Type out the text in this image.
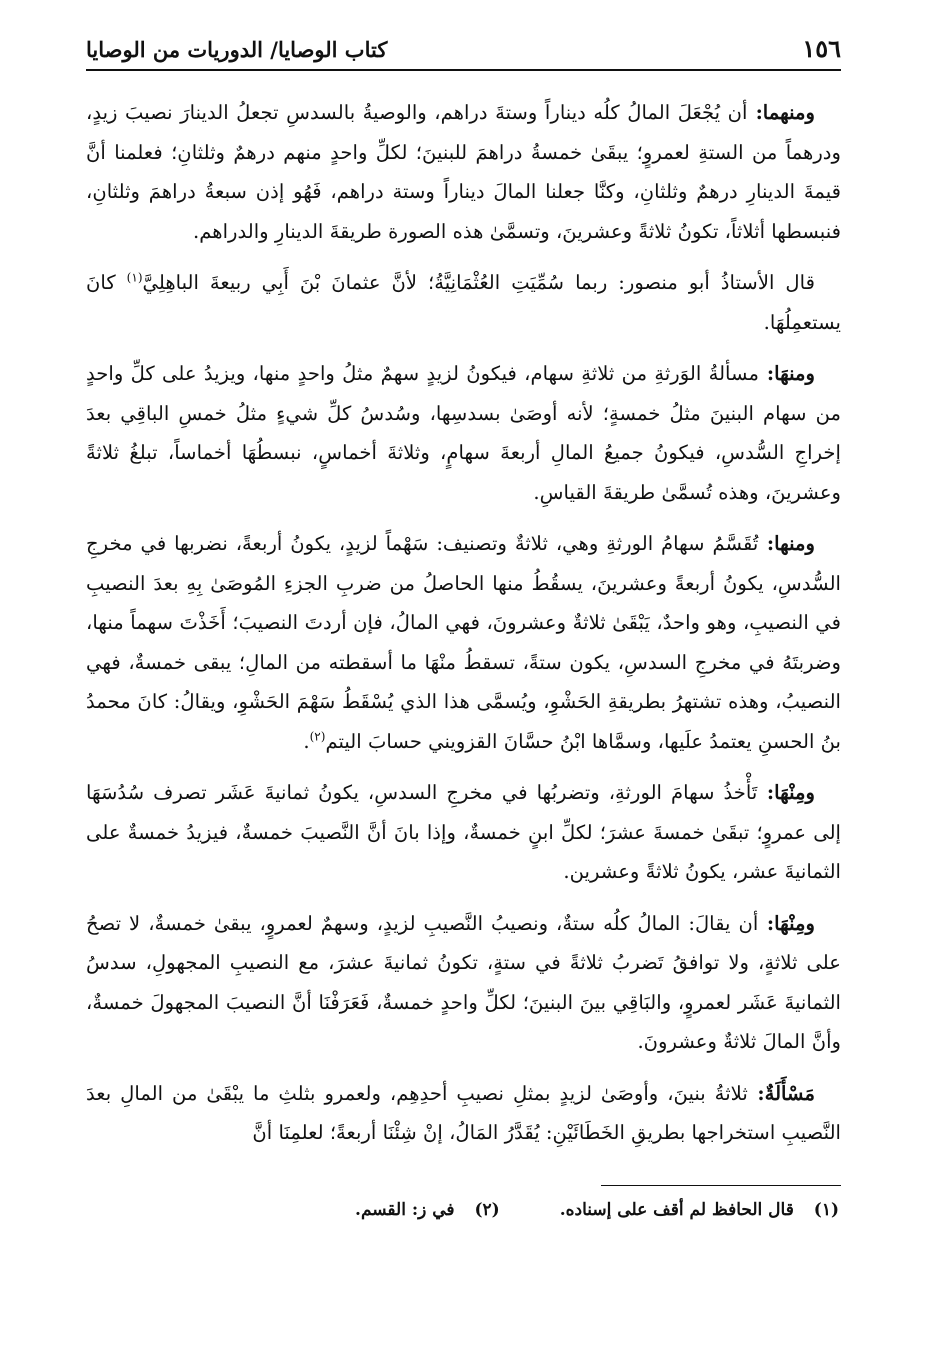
١٥٦
كتاب الوصايا/ الدوريات من الوصايا

ومنهما: أن يُجْعَلَ المالُ كلُه ديناراً وستةَ دراهم، والوصيةُ بالسدسِ تجعلُ الدينارَ نصيبَ زيدٍ، ودرهماً من الستةِ لعمروٍ؛ يبقَىٰ خمسةُ دراهمَ للبنينَ؛ لكلِّ واحدٍ منهم درهمٌ وثلثانِ؛ فعلمنا أنَّ قيمةَ الدينارِ درهمٌ وثلثانِ، وكنَّا جعلنا المالَ ديناراً وستة دراهم، فَهُو إذن سبعةُ دراهمَ وثلثانِ، فنبسطها أثلاثاً، تكونُ ثلاثةً وعشرينَ، وتسمَّىٰ هذه الصورة طريقةَ الدينارِ والدراهم.

قال الأستاذُ أبو منصور: ربما سُمِّيَتِ العُثْمَانِيَّةُ؛ لأنَّ عثمانَ بْنَ أَبِي ربيعةَ الباهِلِيَّ$^{(١)}$ كانَ يستعمِلُهَا.

ومنهَا: مسألةُ الوَرثةِ من ثلاثةِ سهام، فيكونُ لزيدٍ سهمٌ مثلُ واحدٍ منها، ويزيدُ على كلِّ واحدٍ من سهام البنينَ مثلُ خمسةٍ؛ لأنه أوصَىٰ بسدسِها، وسُدسُ كلِّ شيءٍ مثلُ خمسِ الباقِي بعدَ إخراجِ السُّدسِ، فيكونُ جميعُ المالِ أربعةَ سهامٍ، وثلاثةَ أخماسٍ، نبسطُهَا أخماساً، تبلغُ ثلاثةً وعشرينَ، وهذه تُسمَّىٰ طريقةَ القياسِ.

ومنها: تُقَسَّمُ سهامُ الورثةِ وهي، ثلاثةٌ وتصنيف: سَهْماً لزيدٍ، يكونُ أربعةً، نضربها في مخرجِ السُّدسِ، يكونُ أربعةً وعشرينَ، يسقُطُ منها الحاصلُ من ضربِ الجزءِ المُوصَىٰ بِهِ بعدَ النصيبِ في النصيبِ، وهو واحدٌ، يَبْقَىٰ ثلاثةٌ وعشرونَ، فهي المالُ، فإن أردتَ النصيبَ؛ أَخَذْتَ سهماً منها، وضربتَهُ في مخرجِ السدسِ، يكون ستةً، تسقطُ منْهَا ما أسقطته من المالِ؛ يبقى خمسةٌ، فهي النصيبُ، وهذه تشتهرُ بطريقةِ الحَشْوِ، ويُسمَّى هذا الذي يُسْقَطُ سَهْمَ الحَشْوِ، ويقالُ: كانَ محمدُ بنُ الحسنِ يعتمدُ علَيها، وسمَّاها ابْنُ حسَّانَ القزويني حسابَ اليتم$^{(٢)}$.

ومِنْهَا: تَأْخذُ سهامَ الورثةِ، وتضربُها في مخرجِ السدسِ، يكونُ ثمانيةَ عَشَر تصرف سُدُسَهَا إلى عمروٍ؛ تبقَىٰ خمسةَ عشرَ؛ لكلِّ ابنٍ خمسةٌ، وإذا بانَ أنَّ النَّصيبَ خمسةٌ، فيزيدُ خمسةٌ على الثمانيةَ عشر، يكونُ ثلاثةً وعشرين.

ومِنْهَا: أن يقالَ: المالُ كلُه ستةٌ، ونصيبُ النَّصيبِ لزيدٍ، وسهمٌ لعمروٍ، يبقىٰ خمسةٌ، لا تصحُ على ثلاثةٍ، ولا توافقُ تَضربُ ثلاثةً في ستةٍ، تكونُ ثمانيةَ عشرَ، مع النصيبِ المجهولِ، سدسُ الثمانيةَ عَشَر لعمروٍ، والبَاقِي بينَ البنينَ؛ لكلِّ واحدٍ خمسةٌ، فَعَرَفْنَا أنَّ النصيبَ المجهولَ خمسةٌ، وأنَّ المالَ ثلاثةٌ وعشرونَ.

مَسْأَلَةٌ: ثلاثةُ بنينَ، وأوصَىٰ لزيدٍ بمثلِ نصيبِ أحدِهِم، ولعمرو بثلثِ ما يبْقَىٰ من المالِ بعدَ النَّصيبِ استخراجها بطريقِ الخَطَائَيْنِ: يُقَدَّرُ المَالُ، إنْ شِئْنَا أربعةً؛ لعلمِنَا أنَّ

(١) قال الحافظ لم أقف على إسناده.
(٢) في ز: القسم.
